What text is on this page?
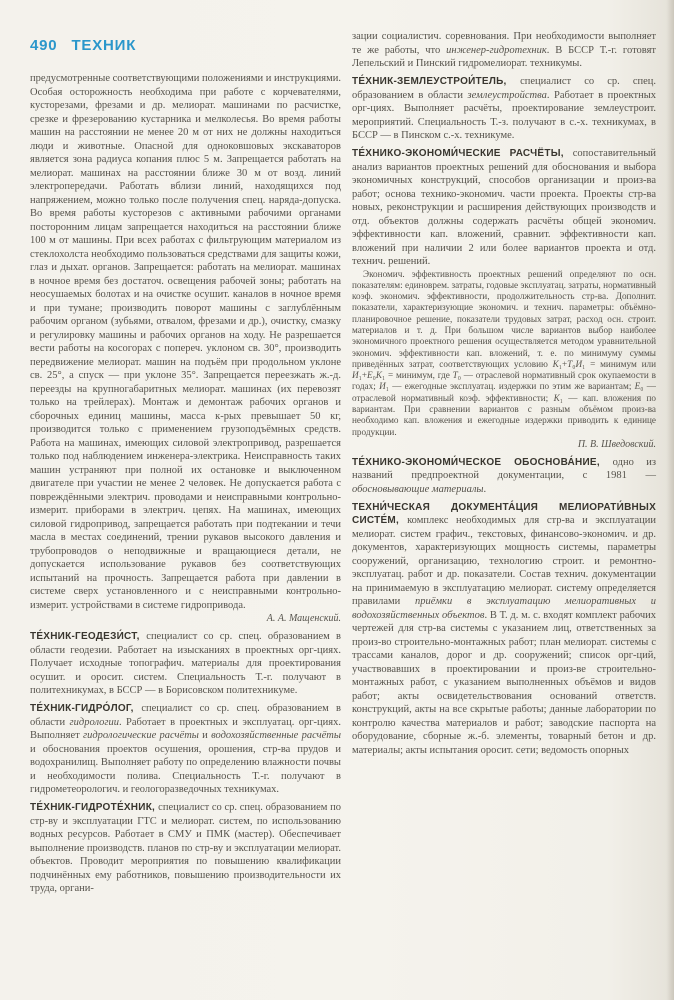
490 ТЕХНИК

предусмотренные соответствующими положениями и инструкциями. Особая осторожность необходима при работе с корчевателями, кусторезами, фрезами и др. мелиорат. машинами по расчистке, срезке и фрезерованию кустарника и мелколесья. Во время работы машин на расстоянии не менее 20 м от них не должны находиться люди и животные. Опасной для одноковшовых экскаваторов является зона радиуса копания плюс 5 м. Запрещается работать на мелиорат. машинах на расстоянии ближе 30 м от возд. линий электропередачи. Работать вблизи линий, находящихся под напряжением, можно только после получения спец. наряда-допуска. Во время работы кусторезов с активными рабочими органами посторонним лицам запрещается находиться на расстоянии ближе 100 м от машины. При всех работах с фильтрующим материалом из стеклохолста необходимо пользоваться средствами для защиты кожи, глаз и дыхат. органов. Запрещается: работать на мелиорат. машинах в ночное время без достаточ. освещения рабочей зоны; работать на неосушаемых болотах и на очистке осушит. каналов в ночное время и при тумане; производить поворот машины с заглублённым рабочим органом (зубьями, отвалом, фрезами и др.), очистку, смазку и регулировку машины и рабочих органов на ходу. Не разрешается вести работы на косогорах с попереч. уклоном св. 30°, производить передвижение мелиорат. машин на подъём при продольном уклоне св. 25°, а спуск — при уклоне 35°. Запрещается переезжать ж.-д. переезды на крупногабаритных мелиорат. машинах (их перевозят только на трейлерах). Монтаж и демонтаж рабочих органов и сборочных единиц машины, масса к-рых превышает 50 кг, производится только с применением грузоподъёмных средств. Работа на машинах, имеющих силовой электропривод, разрешается только под наблюдением инженера-электрика. Неисправность таких машин устраняют при полной их остановке и выключенном двигателе при участии не менее 2 человек. Не допускается работа с повреждёнными электрич. проводами и неисправными контрольно-измерит. приборами в электрич. цепях. На машинах, имеющих силовой гидропривод, запрещается работать при подтекании и течи масла в местах соединений, трении рукавов высокого давления и трубопроводов о неподвижные и вращающиеся детали, не допускается использование рукавов без соответствующих испытаний на прочность. Запрещается работа при давлении в системе сверх установленного и с неисправными контрольно-измерит. устройствами в системе гидропривода.

А. А. Мащенский.

ТЕ́ХНИК-ГЕОДЕЗИ́СТ, специалист со ср. спец. образованием в области геодезии. Работает на изысканиях в проектных орг-циях. Получает исходные топографич. материалы для проектирования осушит. и оросит. систем. Специальность Т.-г. получают в политехникумах, в БССР — в Борисовском политехникуме.

ТЕ́ХНИК-ГИДРО́ЛОГ, специалист со ср. спец. образованием в области гидрологии. Работает в проектных и эксплуатац. орг-циях. Выполняет гидрологические расчёты и водохозяйственные расчёты и обоснования проектов осушения, орошения, стр-ва прудов и водохранилищ. Выполняет работу по определению влажности почвы и необходимости полива. Специальность Т.-г. получают в гидрометеорологич. и геологоразведочных техникумах.

ТЕ́ХНИК-ГИДРОТЕ́ХНИК, специалист со ср. спец. образованием по стр-ву и эксплуатации ГТС и мелиорат. систем, по использованию водных ресурсов. Работает в СМУ и ПМК (мастер). Обеспечивает выполнение производств. планов по стр-ву и эксплуатации мелиорат. объектов. Проводит мероприятия по повышению квалификации подчинённых ему работников, повышению производительности их труда, органи-

зации социалистич. соревнования. При необходимости выполняет те же работы, что инженер-гидротехник. В БССР Т.-г. готовят Лепельский и Пинский гидромелиорат. техникумы.

ТЕ́ХНИК-ЗЕМЛЕУСТРОИ́ТЕЛЬ, специалист со ср. спец. образованием в области землеустройства. Работает в проектных орг-циях. Выполняет расчёты, проектирование землеустроит. мероприятий. Специальность Т.-з. получают в с.-х. техникумах, в БССР — в Пинском с.-х. техникуме.

ТЕ́ХНИКО-ЭКОНОМИ́ЧЕСКИЕ РАСЧЁТЫ, сопоставительный анализ вариантов проектных решений для обоснования и выбора экономичных конструкций, способов организации и произ-ва работ; основа технико-экономич. части проекта. Проекты стр-ва новых, реконструкции и расширения действующих производств и отд. объектов должны содержать расчёты общей экономич. эффективности кап. вложений, сравнит. эффективности кап. вложений при наличии 2 или более вариантов проекта и отд. технич. решений.

Экономич. эффективность проектных решений определяют по осн. показателям: единоврем. затраты, годовые эксплуатац. затраты, нормативный коэф. экономич. эффективности, продолжительность стр-ва. Дополнит. показатели, характеризующие экономич. и технич. параметры: объёмно-планировочное решение, показатели трудовых затрат, расход осн. строит. материалов и т. д. При большом числе вариантов выбор наиболее экономичного проектного решения осуществляется методом уравнительной экономич. эффективности кап. вложений, т. е. по минимуму суммы приведённых затрат, соответствующих условию К₁+Т₀И₁ = минимум или И₁+Е₀К₁ = минимум, где Т₀ — отраслевой нормативный срок окупаемости в годах; И₁ — ежегодные эксплуатац. издержки по этим же вариантам; Е₀ — отраслевой нормативный коэф. эффективности; К₁ — кап. вложения по вариантам. При сравнении вариантов с разным объёмом произ-ва необходимо кап. вложения и ежегодные издержки приводить к единице продукции.

П. В. Шведовский.

ТЕ́ХНИКО-ЭКОНОМИ́ЧЕСКОЕ ОБОСНОВА́НИЕ, одно из названий предпроектной документации, с 1981 — обосновывающие материалы.

ТЕХНИ́ЧЕСКАЯ ДОКУМЕНТА́ЦИЯ МЕЛИОРАТИ́ВНЫХ СИСТЕ́М, комплекс необходимых для стр-ва и эксплуатации мелиорат. систем графич., текстовых, финансово-экономич. и др. документов, характеризующих мощность системы, параметры сооружений, организацию, технологию строит. и ремонтно-эксплуатац. работ и др. показатели. Состав технич. документации на принимаемую в эксплуатацию мелиорат. систему определяется правилами приёмки в эксплуатацию мелиоративных и водохозяйственных объектов. В Т. д. м. с. входят комплект рабочих чертежей для стр-ва системы с указанием лиц, ответственных за произ-во строительно-монтажных работ; план мелиорат. системы с трассами каналов, дорог и др. сооружений; список орг-ций, участвовавших в проектировании и произ-ве строительно-монтажных работ, с указанием выполненных объёмов и видов работ; акты освидетельствования оснований ответств. конструкций, акты на все скрытые работы; данные лаборатории по контролю качества материалов и работ; заводские паспорта на оборудование, сборные ж.-б. элементы, товарный бетон и др. материалы; акты испытания оросит. сети; ведомость опорных
